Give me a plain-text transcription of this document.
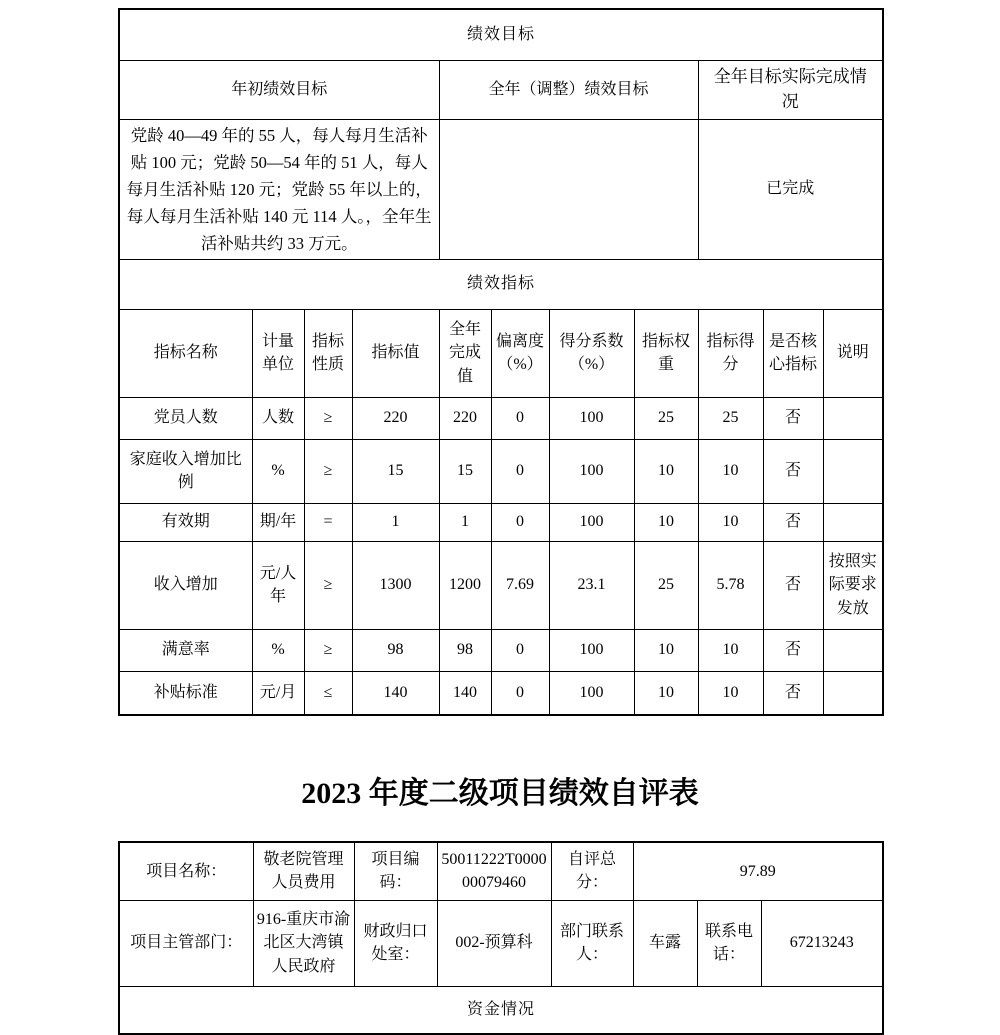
绩效目标										
年初绩效目标				全年（调整）绩效目标				全年目标实际完成情况		
党龄 40—49 年的 55 人，每人每月生活补贴 100 元；党龄 50—54 年的 51 人，每人每月生活补贴 120 元；党龄 55 年以上的，每人每月生活补贴 140 元 114 人。，全年生活补贴共约 33 万元。								已完成		
绩效指标										
指标名称	计量单位	指标性质	指标值	全年完成值	偏离度（%）	得分系数（%）	指标权重	指标得分	是否核心指标	说明
党员人数	人数	≥	220	220	0	100	25	25	否	
家庭收入增加比例	%	≥	15	15	0	100	10	10	否	
有效期	期/年	=	1	1	0	100	10	10	否	
收入增加	元/人年	≥	1300	1200	7.69	23.1	25	5.78	否	按照实际要求发放
满意率	%	≥	98	98	0	100	10	10	否	
补贴标准	元/月	≤	140	140	0	100	10	10	否	
2023 年度二级项目绩效自评表
项目名称：	敬老院管理人员费用	项目编码：	50011222T000000079460	自评总分：	97.89		
项目主管部门：	916-重庆市渝北区大湾镇人民政府	财政归口处室：	002-预算科	部门联系人：	车露	联系电话：	67213243
资金情况							
